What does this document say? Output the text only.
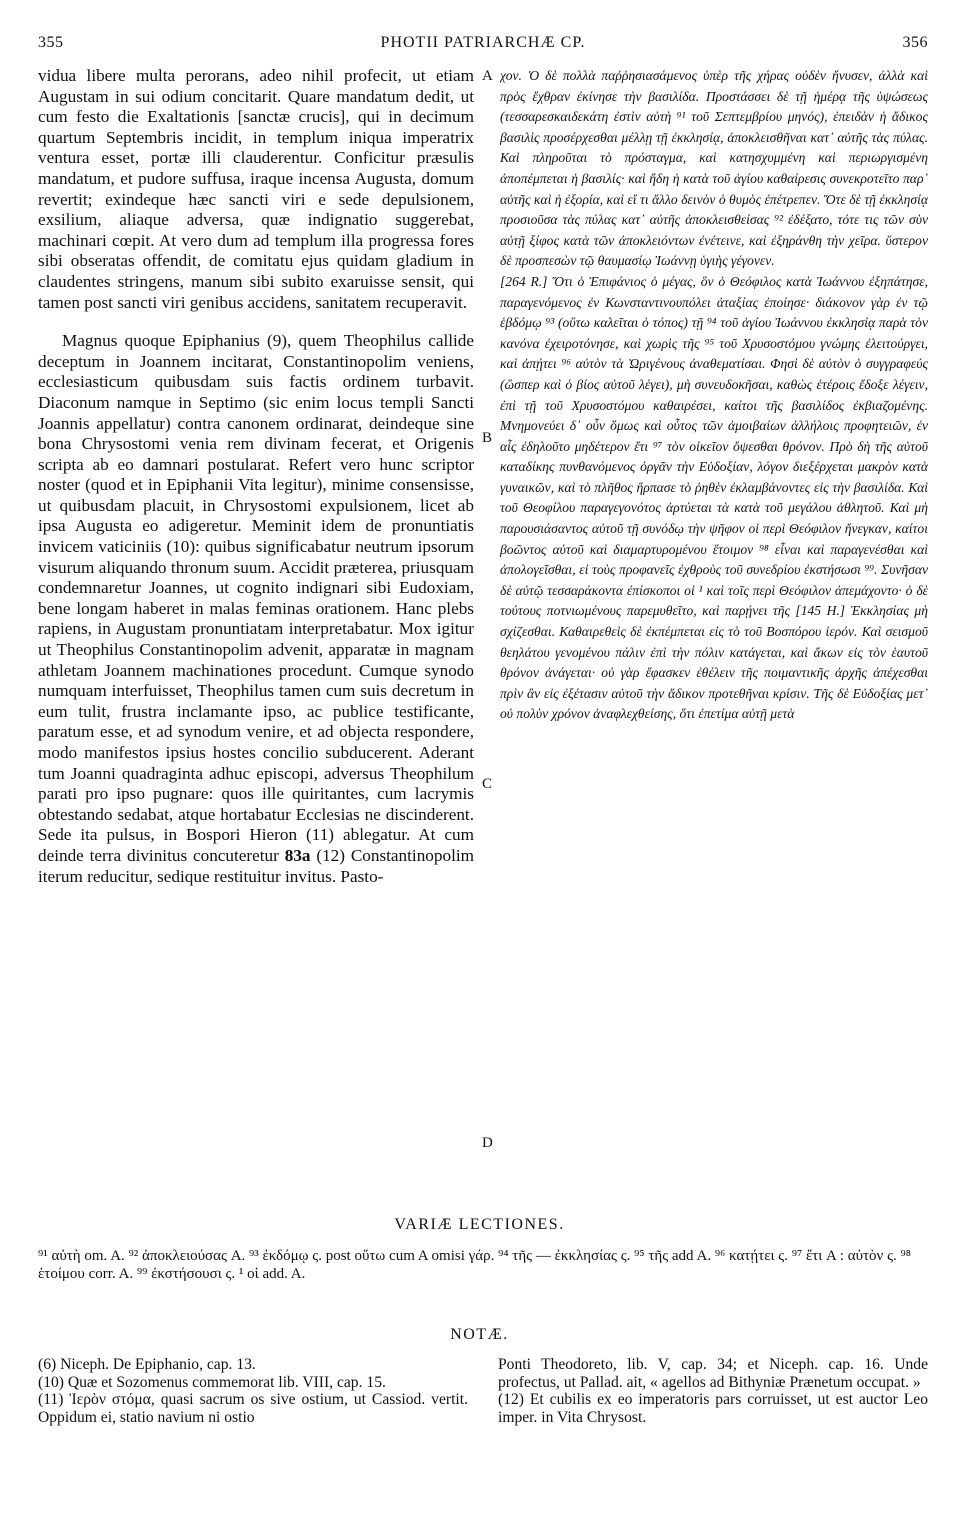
355	PHOTII PATRIARCHÆ CP.	356

vidua libere multa perorans, adeo nihil profecit, ut etiam Augustam in sui odium concitarit. Quare mandatum dedit, ut cum festo die Exaltationis [sanctæ crucis], qui in decimum quartum Septembris incidit, in templum iniqua imperatrix ventura esset, portæ illi clauderentur. Conficitur præsulis mandatum, et pudore suffusa, iraque incensa Augusta, domum revertit; exindeque hæc sancti viri e sede depulsionem, exsilium, aliaque adversa, quæ indignatio suggerebat, machinari cœpit. At vero dum ad templum illa progressa fores sibi obseratas offendit, de comitatu ejus quidam gladium in claudentes stringens, manum sibi subito exaruisse sensit, qui tamen post sancti viri genibus accidens, sanitatem recuperavit.

Magnus quoque Epiphanius (9), quem Theophilus callide deceptum in Joannem incitarat, Constantinopolim veniens, ecclesiasticum quibusdam suis factis ordinem turbavit. Diaconum namque in Septimo (sic enim locus templi Sancti Joannis appellatur) contra canonem ordinarat, deindeque sine bona Chrysostomi venia rem divinam fecerat, et Origenis scripta ab eo damnari postularat. Refert vero hunc scriptor noster (quod et in Epiphanii Vita legitur), minime consensisse, ut quibusdam placuit, in Chrysostomi expulsionem, licet ab ipsa Augusta eo adigeretur. Meminit idem de pronuntiatis invicem vaticiniis (10): quibus significabatur neutrum ipsorum visurum aliquando thronum suum. Accidit præterea, priusquam condemnaretur Joannes, ut cognito indignari sibi Eudoxiam, bene longam haberet in malas feminas orationem. Hanc plebs rapiens, in Augustam pronuntiatam interpretabatur. Mox igitur ut Theophilus Constantinopolim advenit, apparatæ in magnam athletam Joannem machinationes procedunt. Cumque synodo numquam interfuisset, Theophilus tamen cum suis decretum in eum tulit, frustra inclamante ipso, ac publice testificante, paratum esse, et ad synodum venire, et ad objecta respondere, modo manifestos ipsius hostes concilio subducerent. Aderant tum Joanni quadraginta adhuc episcopi, adversus Theophilum parati pro ipso pugnare: quos ille quiritantes, cum lacrymis obtestando sedabat, atque hortabatur Ecclesias ne discinderent. Sede ita pulsus, in Bospori Hieron (11) ablegatur. At cum deinde terra divinitus concuteretur 83a (12) Constantinopolim iterum reducitur, sedique restituitur invitus. Pasto-

A
B
C
D

χον. Ὁ δὲ πολλὰ παῤῥησιασάμενος ὑπὲρ τῆς χήρας οὐδὲν ἤνυσεν, ἀλλὰ καὶ πρὸς ἔχθραν ἐκίνησε τὴν βασιλίδα. Προστάσσει δὲ τῇ ἡμέρᾳ τῆς ὑψώσεως (τεσσαρεσκαιδεκάτη ἐστὶν αὐτὴ ⁹¹ τοῦ Σεπτεμβρίου μηνός), ἐπειδὰν ἡ ἄδικος βασιλὶς προσέρχεσθαι μέλλῃ τῇ ἐκκλησίᾳ, ἀποκλεισθῆναι κατ᾽ αὐτῆς τὰς πύλας. Καὶ πληροῦται τὸ πρόσταγμα, καὶ κατησχυμμένη καὶ περιωργισμένη ἀποπέμπεται ἡ βασιλίς· καὶ ἤδη ἡ κατὰ τοῦ ἁγίου καθαίρεσις συνεκροτεῖτο παρ᾽ αὐτῆς καὶ ἡ ἐξορία, καὶ εἴ τι ἄλλο δεινὸν ὁ θυμὸς ἐπέτρεπεν. Ὅτε δὲ τῇ ἐκκλησίᾳ προσιοῦσα τὰς πύλας κατ᾽ αὐτῆς ἀποκλεισθείσας ⁹² ἐδέξατο, τότε τις τῶν σὺν αὐτῇ ξίφος κατὰ τῶν ἀποκλειόντων ἐνέτεινε, καὶ ἐξηράνθη τὴν χεῖρα. ὕστερον δὲ προσπεσὼν τῷ θαυμασίῳ Ἰωάννῃ ὑγιὴς γέγονεν.

[264 R.] Ὅτι ὁ Ἐπιφάνιος ὁ μέγας, ὃν ὁ Θεόφιλος κατὰ Ἰωάννου ἐξηπάτησε, παραγενόμενος ἐν Κωνσταντινουπόλει ἀταξίας ἐποίησε· διάκονον γὰρ ἐν τῷ ἑβδόμῳ ⁹³ (οὕτω καλεῖται ὁ τόπος) τῇ ⁹⁴ τοῦ ἁγίου Ἰωάννου ἐκκλησίᾳ παρὰ τὸν κανόνα ἐχειροτόνησε, καὶ χωρὶς τῆς ⁹⁵ τοῦ Χρυσοστόμου γνώμης ἐλειτούργει, καὶ ἀπῄτει ⁹⁶ αὐτὸν τὰ Ὠριγένους ἀναθεματίσαι. Φησὶ δὲ αὐτὸν ὁ συγγραφεύς (ὥσπερ καὶ ὁ βίος αὐτοῦ λέγει), μὴ συνευδοκῆσαι, καθὼς ἑτέροις ἔδοξε λέγειν, ἐπὶ τῇ τοῦ Χρυσοστόμου καθαιρέσει, καίτοι τῆς βασιλίδος ἐκβιαζομένης. Μνημονεύει δ᾽ οὖν ὅμως καὶ οὗτος τῶν ἀμοιβαίων ἀλλήλοις προφητειῶν, ἐν αἷς ἐδηλοῦτο μηδέτερον ἔτι ⁹⁷ τὸν οἰκεῖον ὄψεσθαι θρόνον. Πρὸ δὴ τῆς αὐτοῦ καταδίκης πυνθανόμενος ὀργᾶν τὴν Εὐδοξίαν, λόγον διεξέρχεται μακρὸν κατὰ γυναικῶν, καὶ τὸ πλῆθος ἥρπασε τὸ ῥηθὲν ἐκλαμβάνοντες εἰς τὴν βασιλίδα. Καὶ τοῦ Θεοφίλου παραγεγονότος ἀρτύεται τὰ κατὰ τοῦ μεγάλου ἀθλητοῦ. Καὶ μὴ παρουσιάσαντος αὐτοῦ τῇ συνόδῳ τὴν ψῆφον οἱ περὶ Θεόφιλον ἤνεγκαν, καίτοι βοῶντος αὐτοῦ καὶ διαμαρτυρομένου ἕτοιμον ⁹⁸ εἶναι καὶ παραγενέσθαι καὶ ἀπολογεῖσθαι, εἰ τοὺς προφανεῖς ἐχθροὺς τοῦ συνεδρίου ἐκστήσωσι ⁹⁹. Συνῆσαν δὲ αὐτῷ τεσσαράκοντα ἐπίσκοποι οἱ ¹ καὶ τοῖς περὶ Θεόφιλον ἀπεμάχοντο· ὁ δὲ τούτους ποτνιωμένους παρεμυθεῖτο, καὶ παρῄνει τῆς [145 H.] Ἐκκλησίας μὴ σχίζεσθαι. Καθαιρεθεὶς δὲ ἐκπέμπεται εἰς τὸ τοῦ Βοσπόρου ἱερόν. Καὶ σεισμοῦ θεηλάτου γενομένου πάλιν ἐπὶ τὴν πόλιν κατάγεται, καὶ ἄκων εἰς τὸν ἑαυτοῦ θρόνον ἀνάγεται· οὐ γὰρ ἔφασκεν ἐθέλειν τῆς ποιμαντικῆς ἀρχῆς ἀπέχεσθαι πρὶν ἂν εἰς ἐξέτασιν αὐτοῦ τὴν ἄδικον προτεθῆναι κρίσιν. Τῆς δὲ Εὐδοξίας μετ᾽ οὐ πολὺν χρόνον ἀναφλεχθείσης, ὅτι ἐπετίμα αὐτῇ μετὰ

VARIÆ LECTIONES.
⁹¹ αὐτὴ om. A. ⁹² ἀποκλειούσας A. ⁹³ ἐκδόμῳ ς. post οὕτω cum A omisi γάρ. ⁹⁴ τῆς — ἐκκλησίας ς. ⁹⁵ τῆς add A. ⁹⁶ κατῄτει ς. ⁹⁷ ἔτι A : αὐτὸν ς. ⁹⁸ ἑτοίμου corr. A. ⁹⁹ ἐκστήσουσι ς. ¹ οἱ add. A.
NOTÆ.

(6) Niceph. De Epiphanio, cap. 13.

(10) Quæ et Sozomenus commemorat lib. VIII, cap. 15.

(11) Ἱερὸν στόμα, quasi sacrum os sive ostium, ut Cassiod. vertit. Oppidum ei, statio navium ni ostio

Ponti Theodoreto, lib. V, cap. 34; et Niceph. cap. 16. Unde profectus, ut Pallad. ait, « agellos ad Bithyniæ Prænetum occupat. »

(12) Et cubilis ex eo imperatoris pars corruisset, ut est auctor Leo imper. in Vita Chrysost.
